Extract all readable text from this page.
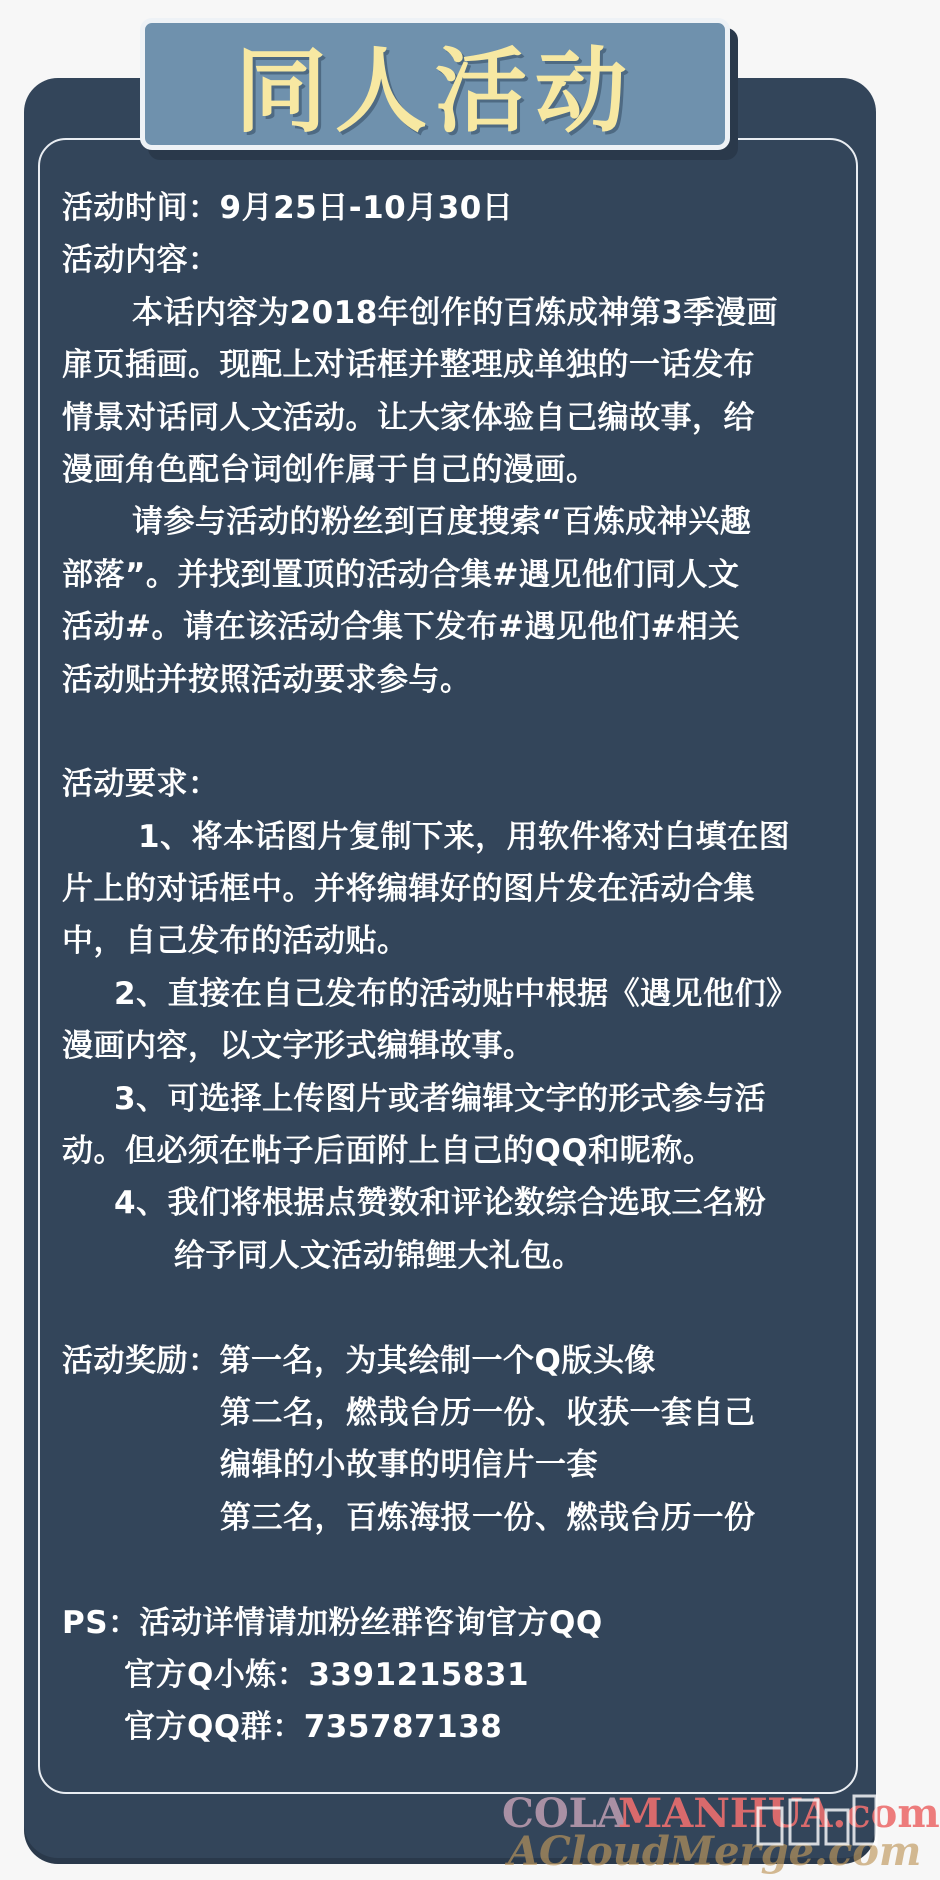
同人活动
活动时间：9月25日-10月30日
活动内容：
本话内容为2018年创作的百炼成神第3季漫画
扉页插画。现配上对话框并整理成单独的一话发布
情景对话同人文活动。让大家体验自己编故事，给
漫画角色配台词创作属于自己的漫画。
请参与活动的粉丝到百度搜索“百炼成神兴趣
部落”。并找到置顶的活动合集#遇见他们同人文
活动#。请在该活动合集下发布#遇见他们#相关
活动贴并按照活动要求参与。
活动要求：
1、将本话图片复制下来，用软件将对白填在图
片上的对话框中。并将编辑好的图片发在活动合集
中，自己发布的活动贴。
2、直接在自己发布的活动贴中根据《遇见他们》
漫画内容，以文字形式编辑故事。
3、可选择上传图片或者编辑文字的形式参与活
动。但必须在帖子后面附上自己的QQ和昵称。
4、我们将根据点赞数和评论数综合选取三名粉
给予同人文活动锦鲤大礼包。
活动奖励：第一名，为其绘制一个Q版头像
第二名，燃哉台历一份、收获一套自己
编辑的小故事的明信片一套
第三名，百炼海报一份、燃哉台历一份
PS：活动详情请加粉丝群咨询官方QQ
官方Q小炼：3391215831
官方QQ群：735787138
COLA
MANHUA.com
ACloudMerge.com
